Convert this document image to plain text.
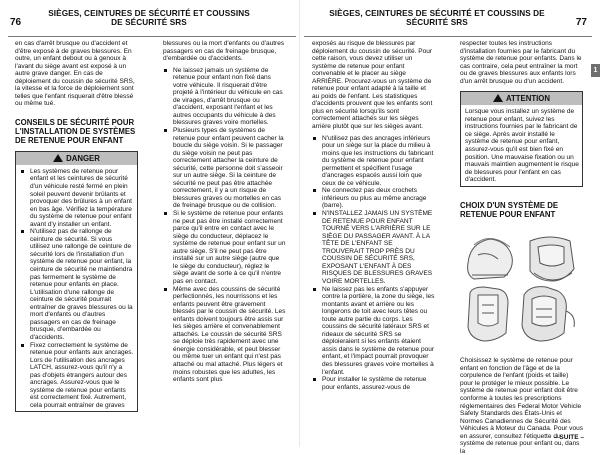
76
SIÈGES, CEINTURES DE SÉCURITÉ ET COUSSINS DE SÉCURITÉ SRS

en cas d'arrêt brusque ou d'accident et d'être exposé à de graves blessures. En outre, un enfant debout ou à genoux à l'avant du siège avant est exposé à un autre grave danger. En cas de déploiement du coussin de sécurité SRS, la vitesse et la force de déploiement sont telles que l'enfant risquerait d'être blessé ou même tué.

CONSEILS DE SÉCURITÉ POUR L'INSTALLATION DE SYSTÈMES DE RETENUE POUR ENFANT
DANGER

Les systèmes de retenue pour enfant et les ceintures de sécurité d'un véhicule resté fermé en plein soleil peuvent devenir brûlants et provoquer des brûlures à un enfant en bas âge. Vérifiez la température du système de retenue pour enfant avant d'y installer un enfant.

N'utilisez pas de rallonge de ceinture de sécurité. Si vous utilisez une rallonge de ceinture de sécurité lors de l'installation d'un système de retenue pour enfant, la ceinture de sécurité ne maintiendra pas fermement le système de retenue pour enfants en place. L'utilisation d'une rallonge de ceinture de sécurité pourrait entraîner de graves blessures ou la mort d'enfants ou d'autres passagers en cas de freinage brusque, d'embardée ou d'accidents.

Fixez correctement le système de retenue pour enfants aux ancrages. Lors de l'utilisation des ancrages LATCH, assurez-vous qu'il n'y a pas d'objets étrangers autour des ancrages. Assurez-vous que le système de retenue pour enfants est correctement fixé. Autrement, cela pourrait entraîner de graves

blessures ou la mort d'enfants ou d'autres passagers en cas de freinage brusque, d'embardée ou d'accidents.

Ne laissez jamais un système de retenue pour enfant non fixé dans votre véhicule. Il risquerait d'être projeté à l'intérieur du véhicule en cas de virages, d'arrêt brusque ou d'accident, exposant l'enfant et les autres occupants du véhicule à des blessures graves voire mortelles.

Plusieurs types de systèmes de retenue pour enfant peuvent cacher la boucle du siège voisin. Si le passager du siège voisin ne peut pas correctement attacher la ceinture de sécurité, cette personne doit s'asseoir sur un autre siège. Si la ceinture de sécurité ne peut pas être attachée correctement, il y a un risque de blessures graves ou mortelles en cas de freinage brusque ou de collision.

Si le système de retenue pour enfants ne peut pas être installé correctement parce qu'il entre en contact avec le siège du conducteur, déplacez le système de retenue pour enfant sur un autre siège. S'il ne peut pas être installé sur un autre siège (autre que le siège du conducteur), réglez le siège avant de sorte à ce qu'il n'entre pas en contact.

Même avec des coussins de sécurité perfectionnés, les nourrissons et les enfants peuvent être gravement blessés par le coussin de sécurité. Les enfants doivent toujours être assis sur les sièges arrière et convenablement attachés. Le coussin de sécurité SRS se déploie très rapidement avec une énergie considérable, et peut blesser ou même tuer un enfant qui n'est pas attaché ou mal attaché. Plus légers et moins robustes que les adultes, les enfants sont plus

SIÈGES, CEINTURES DE SÉCURITÉ ET COUSSINS DE SÉCURITÉ SRS	77
1

exposés au risque de blessures par déploiement du coussin de sécurité. Pour cette raison, vous devez utiliser un système de retenue pour enfant convenable et le placer au siège ARRIÈRE. Procurez-vous un système de retenue pour enfant adapté à la taille et au poids de l'enfant. Les statistiques d'accidents prouvent que les enfants sont plus en sécurité lorsqu'ils sont correctement attachés sur les sièges arrière plutôt que sur les sièges avant.

N'utilisez pas des ancrages inférieurs pour un siège sur la place du milieu à moins que les instructions du fabricant du système de retenue pour enfant permettent et spécifient l'usage d'ancrages espacés aussi loin que ceux de ce véhicule.

Ne connectez pas deux crochets inférieurs ou plus au même ancrage (barre).

N'INSTALLEZ JAMAIS UN SYSTÈME DE RETENUE POUR ENFANT TOURNÉ VERS L'ARRIÈRE SUR LE SIÈGE DU PASSAGER AVANT. À LA TÊTE DE L'ENFANT SE TROUVERAIT TROP PRÈS DU COUSSIN DE SÉCURITÉ SRS, EXPOSANT L'ENFANT À DES RISQUES DE BLESSURES GRAVES VOIRE MORTELLES.

Ne laissez pas les enfants s'appuyer contre la portière, la zone du siège, les montants avant et arrière ou les longerons de toit avec leurs têtes ou toute autre partie du corps. Les coussins de sécurité latéraux SRS et rideaux de sécurité SRS se déploieraient si les enfants étaient assis dans le système de retenue pour enfant, et l'impact pourrait provoquer des blessures graves voire mortelles à l'enfant.

Pour installer le système de retenue pour enfants, assurez-vous de

respecter toutes les instructions d'installation fournies par le fabricant du système de retenue pour enfants. Dans le cas contraire, cela peut entraîner la mort ou de graves blessures aux enfants lors d'un arrêt brusque ou d'un accident.

ATTENTION

Lorsque vous installez un système de retenue pour enfant, suivez les instructions fournies par le fabricant de ce siège. Après avoir installé le système de retenue pour enfant, assurez-vous qu'il est bien fixé en position. Une mauvaise fixation ou un mauvais maintien augmentent le risque de blessures pour l'enfant en cas d'accident.

CHOIX D'UN SYSTÈME DE RETENUE POUR ENFANT

Choisissez le système de retenue pour enfant en fonction de l'âge et de la corpulence de l'enfant (poids et taille) pour le protéger le mieux possible. Le système de retenue pour enfant doit être conforme à toutes les prescriptions réglementaires des Federal Motor Vehicle Safety Standards des États-Unis et Normes Canadiennes de Sécurité des Véhicules à Moteur du Canada. Pour vous en assurer, consultez l'étiquette du système de retenue pour enfant ou, dans la

– SUITE –
